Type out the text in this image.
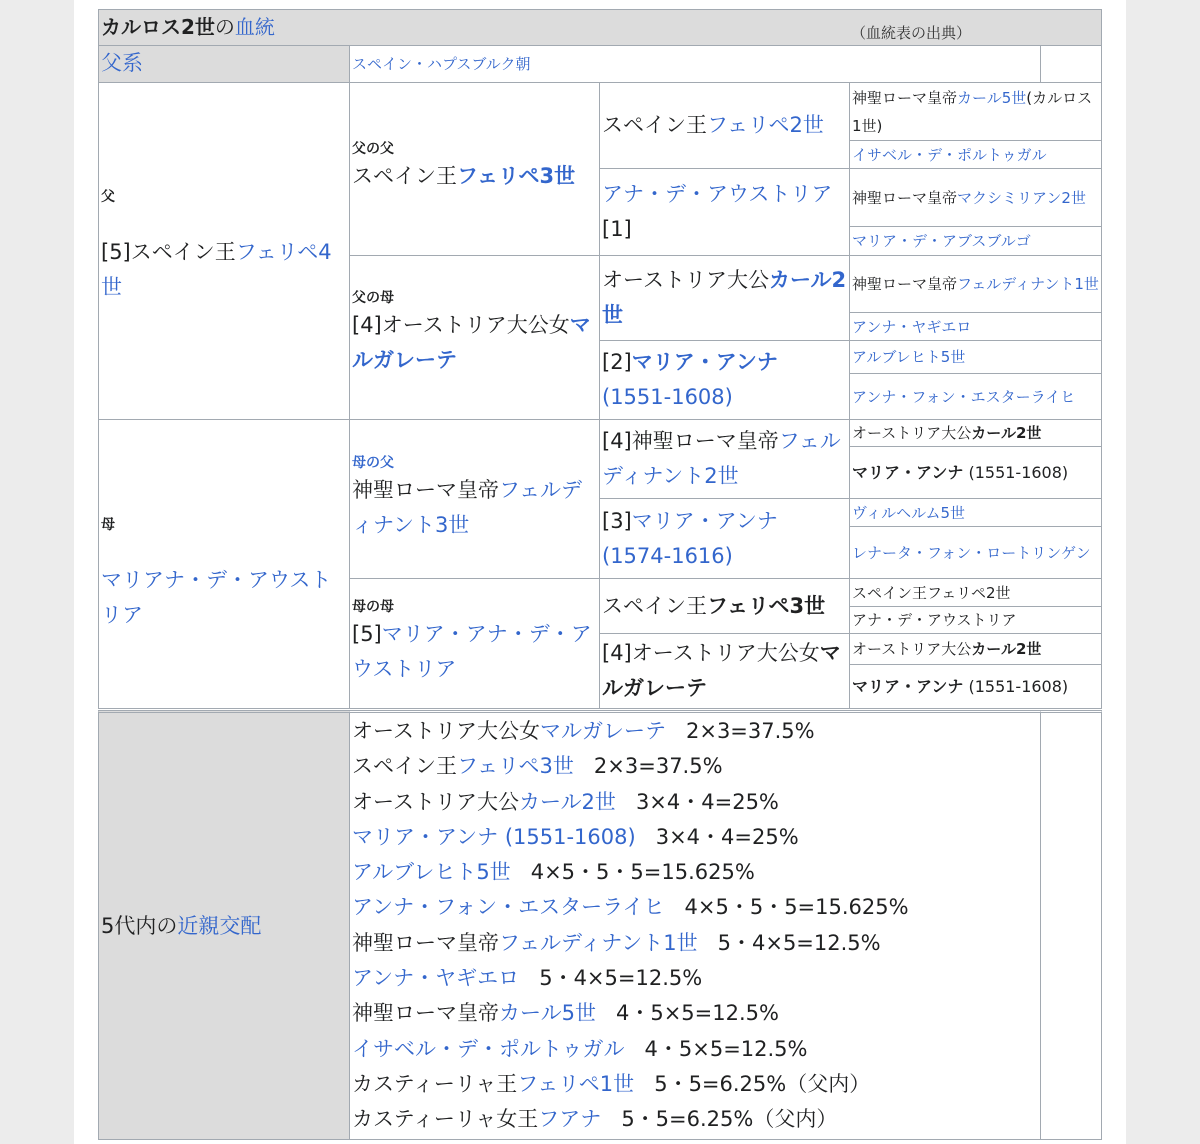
カルロス2世の血統	（血統表の出典）
父系	スペイン・ハプスブルク朝
父
[5]スペイン王フェリペ4世
母
マリアナ・デ・アウストリア
父の父
スペイン王フェリペ3世
父の母
[4]オーストリア大公女マルガレーテ
母の父
神聖ローマ皇帝フェルディナント3世
母の母
[5]マリア・アナ・デ・アウストリア
スペイン王フェリペ2世
アナ・デ・アウストリア
[1]
オーストリア大公カール2世
[2]マリア・アンナ (1551-1608)
[4]神聖ローマ皇帝フェルディナント2世
[3]マリア・アンナ (1574-1616)
スペイン王フェリペ3世
[4]オーストリア大公女マルガレーテ
神聖ローマ皇帝カール5世(カルロス1世)
イサベル・デ・ポルトゥガル
神聖ローマ皇帝マクシミリアン2世
マリア・デ・アブスブルゴ
神聖ローマ皇帝フェルディナント1世
アンナ・ヤギエロ
アルブレヒト5世
アンナ・フォン・エスターライヒ
オーストリア大公カール2世
マリア・アンナ (1551-1608)
ヴィルヘルム5世
レナータ・フォン・ロートリンゲン
スペイン王フェリペ2世
アナ・デ・アウストリア
オーストリア大公カール2世
マリア・アンナ (1551-1608)
5代内の近親交配

オーストリア大公女マルガレーテ 2×3=37.5%

スペイン王フェリペ3世 2×3=37.5%

オーストリア大公カール2世 3×4・4=25%

マリア・アンナ (1551-1608) 3×4・4=25%

アルブレヒト5世 4×5・5・5=15.625%

アンナ・フォン・エスターライヒ 4×5・5・5=15.625%

神聖ローマ皇帝フェルディナント1世 5・4×5=12.5%

アンナ・ヤギエロ 5・4×5=12.5%

神聖ローマ皇帝カール5世 4・5×5=12.5%

イサベル・デ・ポルトゥガル 4・5×5=12.5%

カスティーリャ王フェリペ1世 5・5=6.25%（父内）

カスティーリャ女王フアナ 5・5=6.25%（父内）
